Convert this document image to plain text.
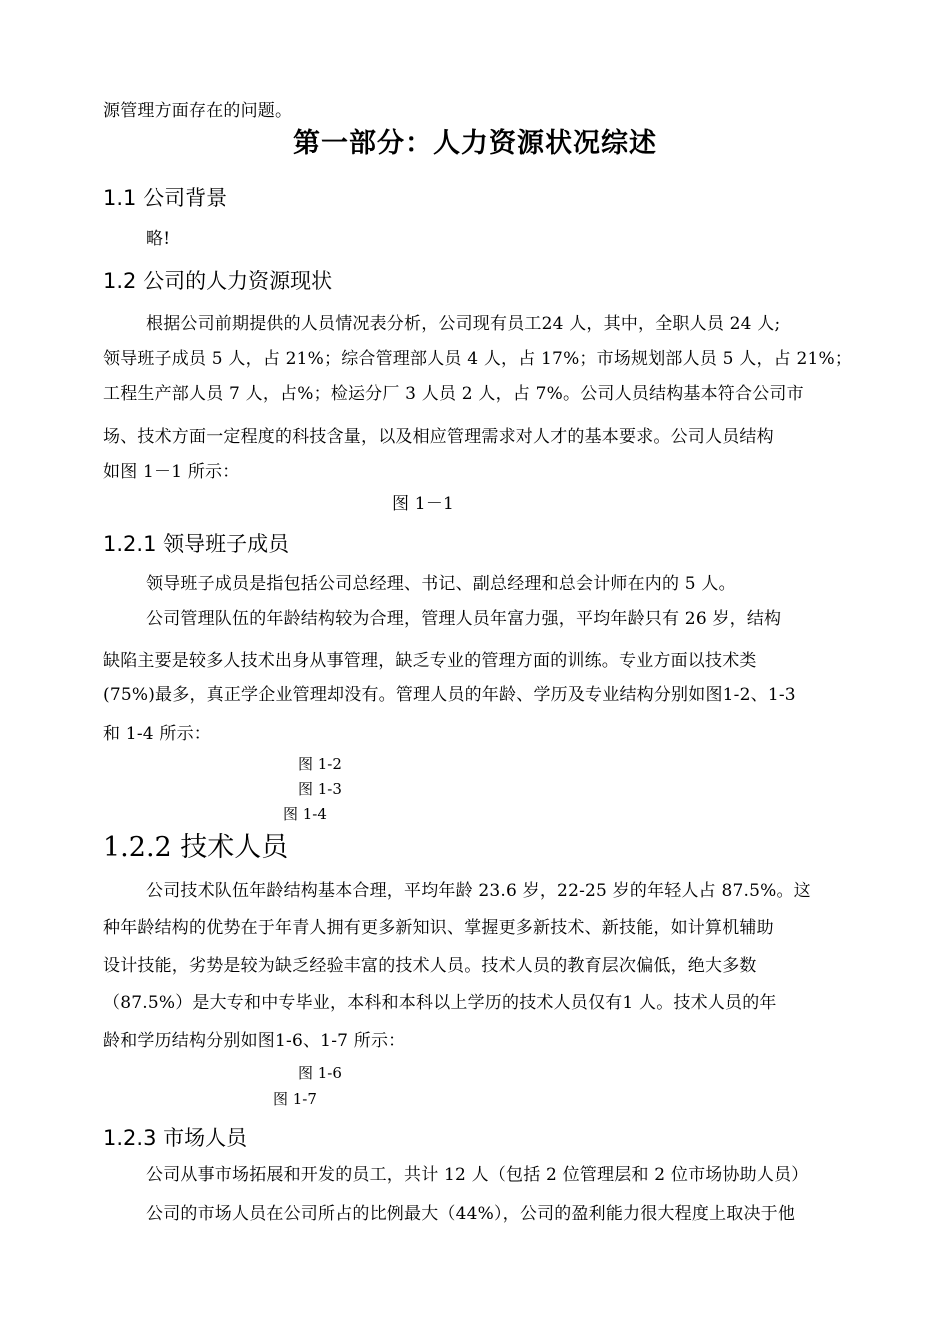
源管理方面存在的问题。
第一部分：人力资源状况综述
1.1 公司背景
略!
1.2 公司的人力资源现状
根据公司前期提供的人员情况表分析，公司现有员工24 人，其中，全职人员 24 人;
领导班子成员 5 人，占 21%；综合管理部人员 4 人，占 17%；市场规划部人员 5 人，占 21%；
工程生产部人员 7 人，占%；检运分厂 3 人员 2 人，占 7%。公司人员结构基本符合公司市
场、技术方面一定程度的科技含量，以及相应管理需求对人才的基本要求。公司人员结构
如图 1－1 所示：
图 1－1
1.2.1 领导班子成员
领导班子成员是指包括公司总经理、书记、副总经理和总会计师在内的 5 人。
公司管理队伍的年龄结构较为合理，管理人员年富力强，平均年龄只有 26 岁，结构
缺陷主要是较多人技术出身从事管理，缺乏专业的管理方面的训练。专业方面以技术类
(75%)最多，真正学企业管理却没有。管理人员的年龄、学历及专业结构分别如图1-2、1-3
和 1-4 所示：
图 1-2
图 1-3
图 1-4
1.2.2 技术人员
公司技术队伍年龄结构基本合理，平均年龄 23.6 岁，22-25 岁的年轻人占 87.5%。这
种年龄结构的优势在于年青人拥有更多新知识、掌握更多新技术、新技能，如计算机辅助
设计技能，劣势是较为缺乏经验丰富的技术人员。技术人员的教育层次偏低，绝大多数
（87.5%）是大专和中专毕业，本科和本科以上学历的技术人员仅有1 人。技术人员的年
龄和学历结构分别如图1-6、1-7 所示：
图 1-6
图 1-7
1.2.3 市场人员
公司从事市场拓展和开发的员工，共计 12 人（包括 2 位管理层和 2 位市场协助人员）
公司的市场人员在公司所占的比例最大（44%），公司的盈利能力很大程度上取决于他
